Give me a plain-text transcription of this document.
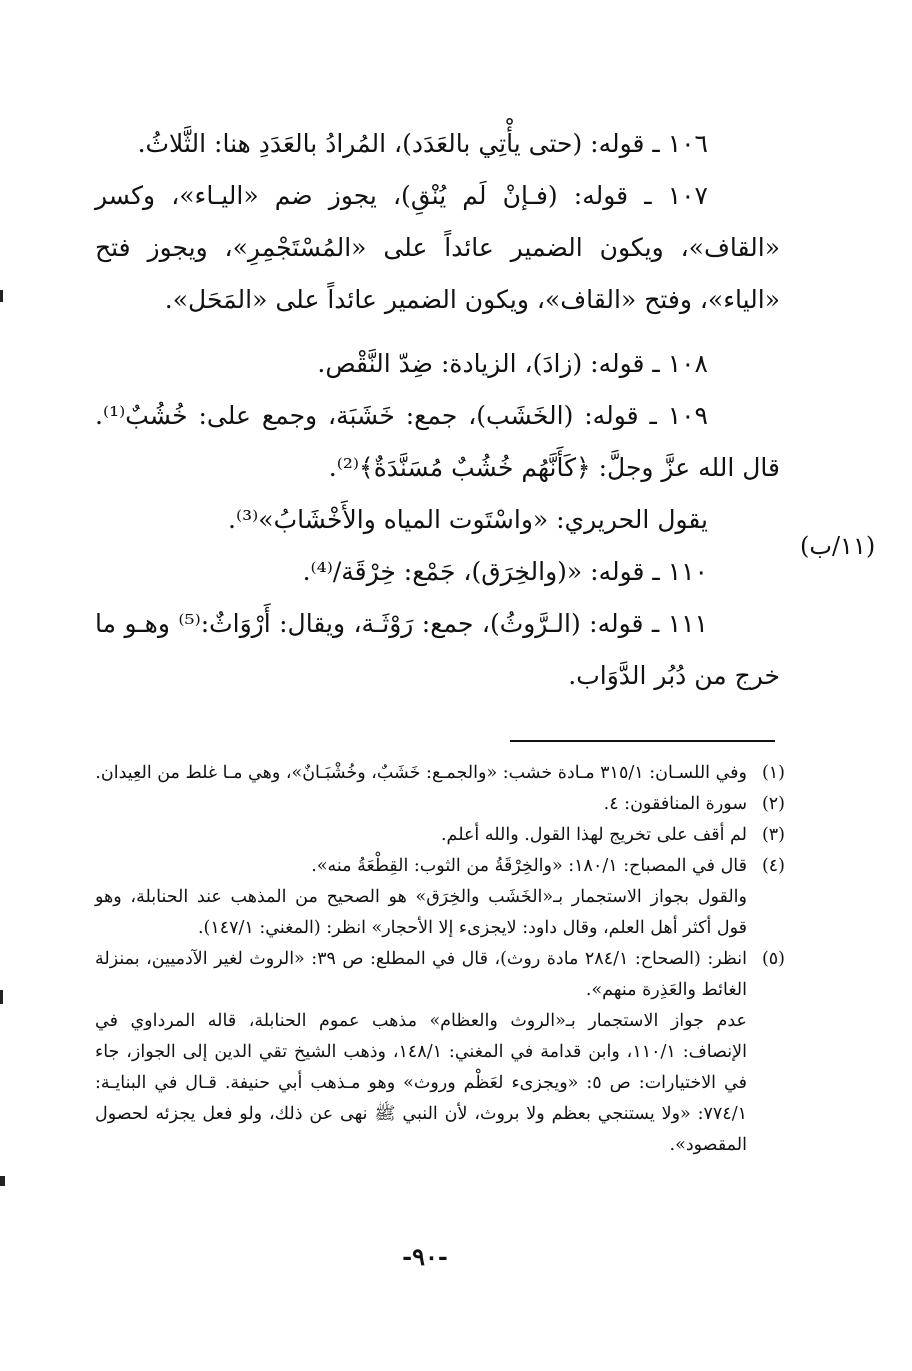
١٠٦ ـ قوله: (حتى يأْتِي بالعَدَد)، المُرادُ بالعَدَدِ هنا: الثَّلاثُ.

١٠٧ ـ قوله: (فـإنْ لَم يُنْقِ)، يجوز ضم «اليـاء»، وكسر «القاف»، ويكون الضمير عائداً على «المُسْتَجْمِرِ»، ويجوز فتح «الياء»، وفتح «القاف»، ويكون الضمير عائداً على «المَحَل».

١٠٨ ـ قوله: (زادَ)، الزيادة: ضِدّ النَّقْص.

١٠٩ ـ قوله: (الخَشَب)، جمع: خَشَبَة، وجمع على: خُشُبٌ⁽¹⁾. قال الله عزَّ وجلَّ: ﴿كَأَنَّهُم خُشُبٌ مُسَنَّدَةٌ﴾⁽²⁾.

يقول الحريري: «واسْتَوت المياه والأَخْشَابُ»⁽³⁾.

١١٠ ـ قوله: «(والخِرَق)، جَمْع: خِرْقَة/⁽⁴⁾.

١١١ ـ قوله: (الـرَّوثُ)، جمع: رَوْثَـة، ويقال: أَرْوَاثٌ:⁽⁵⁾ وهـو ما خرج من دُبُر الدَّوَاب.

(١١/ب)
(١)
وفي اللسـان: ٣١٥/١ مـادة خشب: «والجمـع: خَشَبٌ، وخُشْبَـانٌ»، وهي مـا غلط من العِيدان.
(٢)
سورة المنافقون: ٤.
(٣)
لم أقف على تخريج لهذا القول. والله أعلم.
(٤)
قال في المصباح: ١٨٠/١: «والخِرْقَةُ من الثوب: القِطْعَةُ منه».
والقول بجواز الاستجمار بـ«الخَشَب والخِرَق» هو الصحيح من المذهب عند الحنابلة، وهو قول أكثر أهل العلم، وقال داود: لايجزىء إلا الأحجار» انظر: (المغني: ١٤٧/١).
(٥)
انظر: (الصحاح: ٢٨٤/١ مادة روث)، قال في المطلع: ص ٣٩: «الروث لغير الآدميين، بمنزلة الغائط والعَذِرة منهم».
عدم جواز الاستجمار بـ«الروث والعظام» مذهب عموم الحنابلة، قاله المرداوي في الإنصاف: ١١٠/١، وابن قدامة في المغني: ١٤٨/١، وذهب الشيخ تقي الدين إلى الجواز، جاء في الاختيارات: ص ٥: «ويجزىء لعَظْم وروث» وهو مـذهب أبي حنيفة. قـال في البنايـة: ٧٧٤/١: «ولا يستنجي بعظم ولا بروث، لأن النبي ﷺ نهى عن ذلك، ولو فعل يجزئه لحصول المقصود».
-٩٠-
